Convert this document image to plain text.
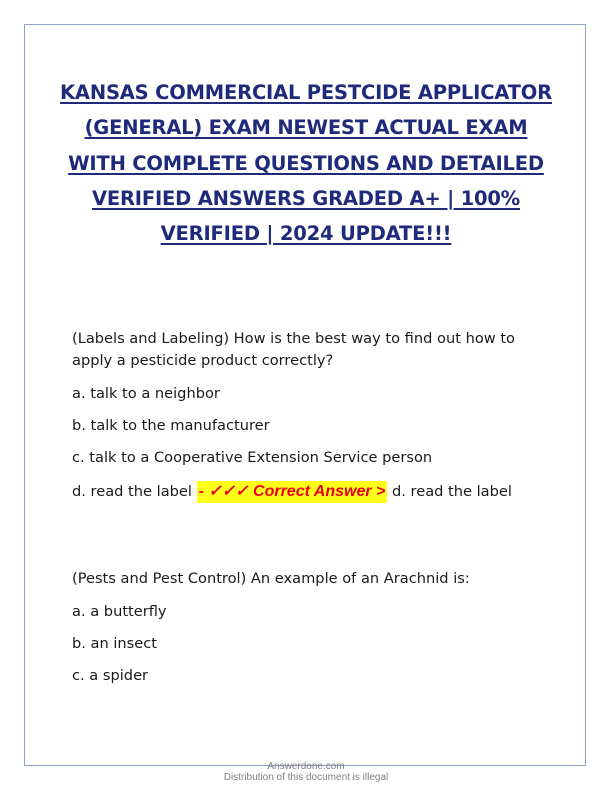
KANSAS COMMERCIAL PESTCIDE APPLICATOR (GENERAL) EXAM NEWEST ACTUAL EXAM WITH COMPLETE QUESTIONS AND DETAILED VERIFIED ANSWERS GRADED A+ | 100% VERIFIED | 2024 UPDATE!!!

(Labels and Labeling) How is the best way to find out how to apply a pesticide product correctly?

a. talk to a neighbor

b. talk to the manufacturer

c. talk to a Cooperative Extension Service person

d. read the label - ✓✓✓ Correct Answer > d. read the label

(Pests and Pest Control) An example of an Arachnid is:

a. a butterfly

b. an insect

c. a spider

Answerdone.com
Distribution of this document is illegal
